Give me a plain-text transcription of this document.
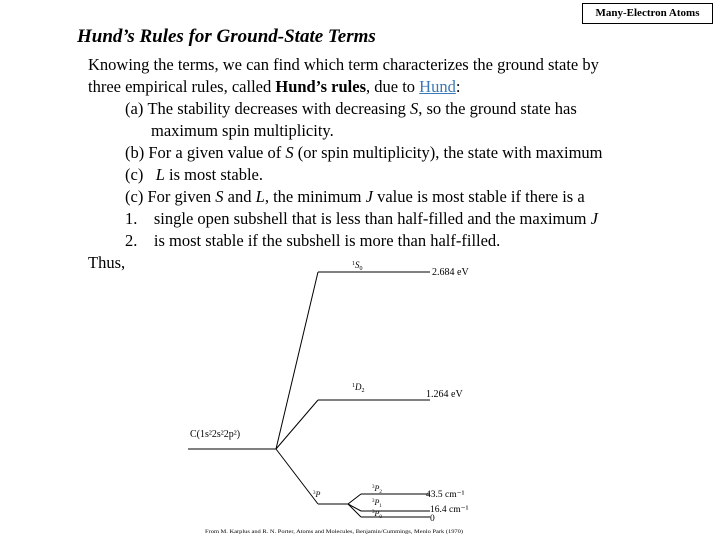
Many-Electron Atoms
Hund’s Rules for Ground-State Terms
Knowing the terms, we can find which term characterizes the ground state by
three empirical rules, called Hund’s rules, due to Hund:
(a) The stability decreases with decreasing S, so the ground state has
maximum spin multiplicity.
(b) For a given value of S (or spin multiplicity), the state with maximum
(c) L is most stable.
(c) For given S and L, the minimum J value is most stable if there is a
1. single open subshell that is less than half-filled and the maximum J
2. is most stable if the subshell is more than half-filled.
Thus,
C(1s²2s²2p²)
$^1S_0$	2.684 eV
$^1D_2$	1.264 eV
$^3$P
$^3P_2$	43.5 cm⁻¹
$^3P_1$	16.4 cm⁻¹
$^3P_0$	0
From M. Karplus and R. N. Porter, Atoms and Molecules, Benjamin/Cummings, Menlo Park (1970)
